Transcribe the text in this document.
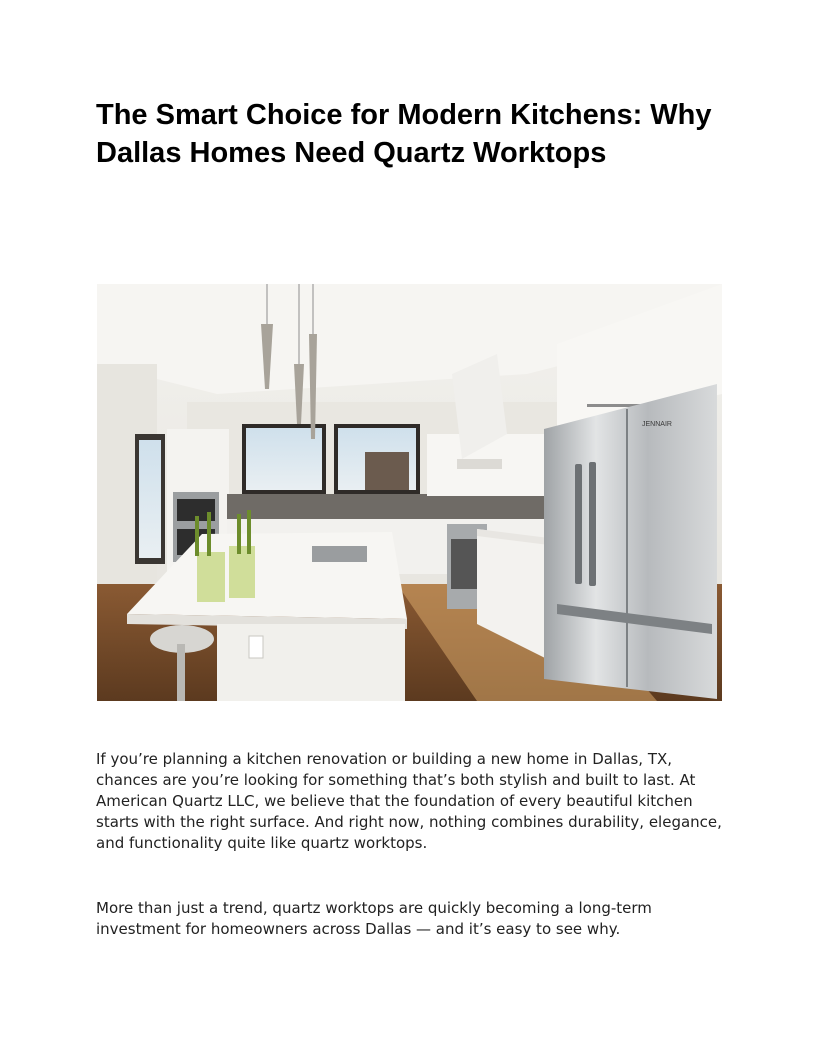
The Smart Choice for Modern Kitchens: Why Dallas Homes Need Quartz Worktops
JENNAIR

If you’re planning a kitchen renovation or building a new home in Dallas, TX, chances are you’re looking for something that’s both stylish and built to last. At American Quartz LLC, we believe that the foundation of every beautiful kitchen starts with the right surface. And right now, nothing combines durability, elegance, and functionality quite like quartz worktops.

More than just a trend, quartz worktops are quickly becoming a long-term investment for homeowners across Dallas — and it’s easy to see why.
